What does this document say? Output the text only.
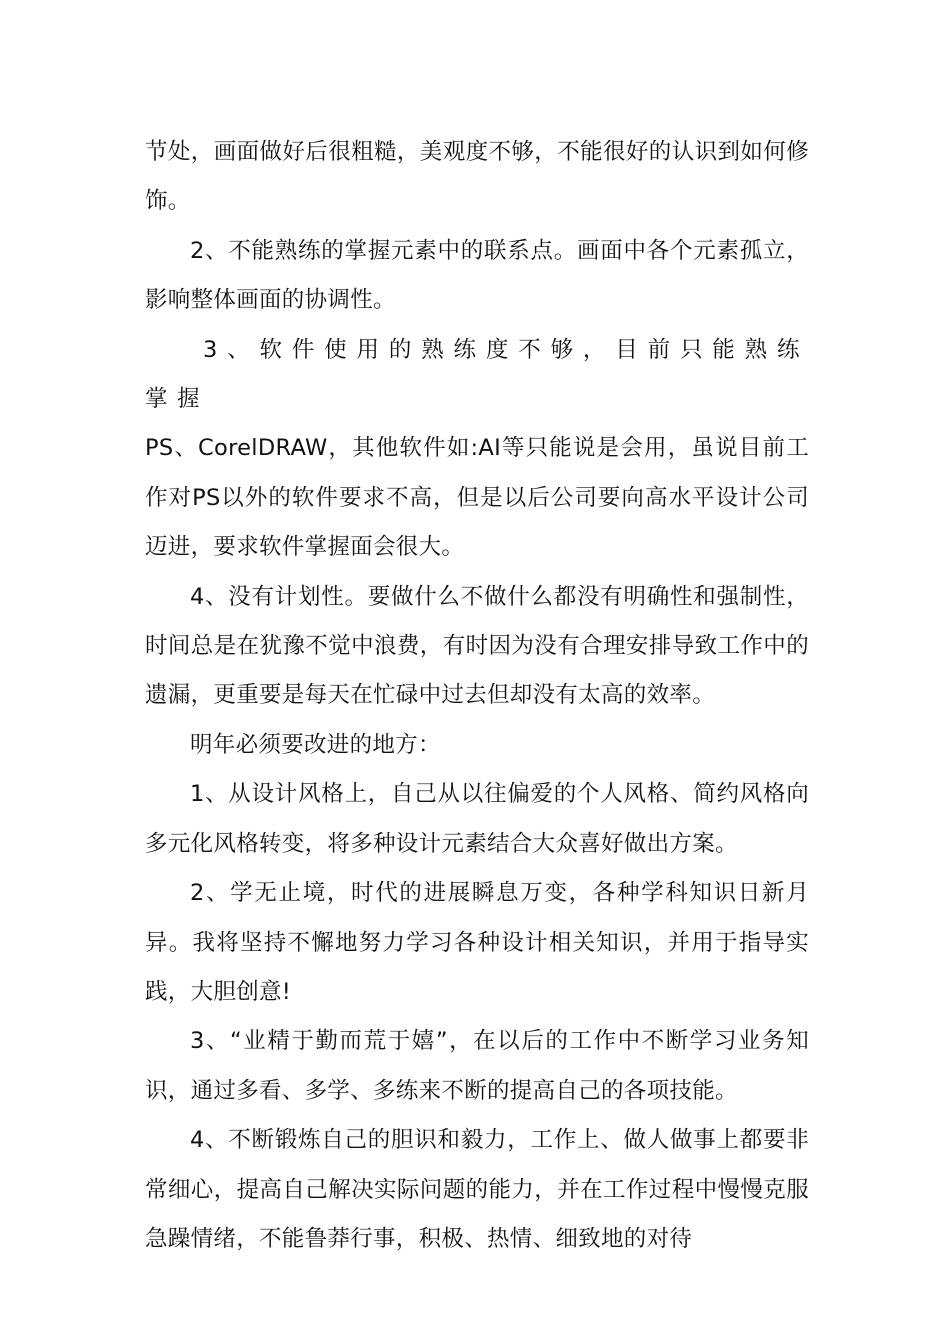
节处，画面做好后很粗糙，美观度不够，不能很好的认识到如何修饰。

2、不能熟练的掌握元素中的联系点。画面中各个元素孤立，影响整体画面的协调性。

3、软件使用的熟练度不够，目前只能熟练掌握

PS、CorelDRAW，其他软件如:AI等只能说是会用，虽说目前工作对PS以外的软件要求不高，但是以后公司要向高水平设计公司迈进，要求软件掌握面会很大。

4、没有计划性。要做什么不做什么都没有明确性和强制性，时间总是在犹豫不觉中浪费，有时因为没有合理安排导致工作中的遗漏，更重要是每天在忙碌中过去但却没有太高的效率。

明年必须要改进的地方：

1、从设计风格上，自己从以往偏爱的个人风格、简约风格向多元化风格转变，将多种设计元素结合大众喜好做出方案。

2、学无止境，时代的进展瞬息万变，各种学科知识日新月异。我将坚持不懈地努力学习各种设计相关知识，并用于指导实践，大胆创意!

3、“业精于勤而荒于嬉”，在以后的工作中不断学习业务知识，通过多看、多学、多练来不断的提高自己的各项技能。

4、不断锻炼自己的胆识和毅力，工作上、做人做事上都要非常细心，提高自己解决实际问题的能力，并在工作过程中慢慢克服急躁情绪，不能鲁莽行事，积极、热情、细致地的对待
